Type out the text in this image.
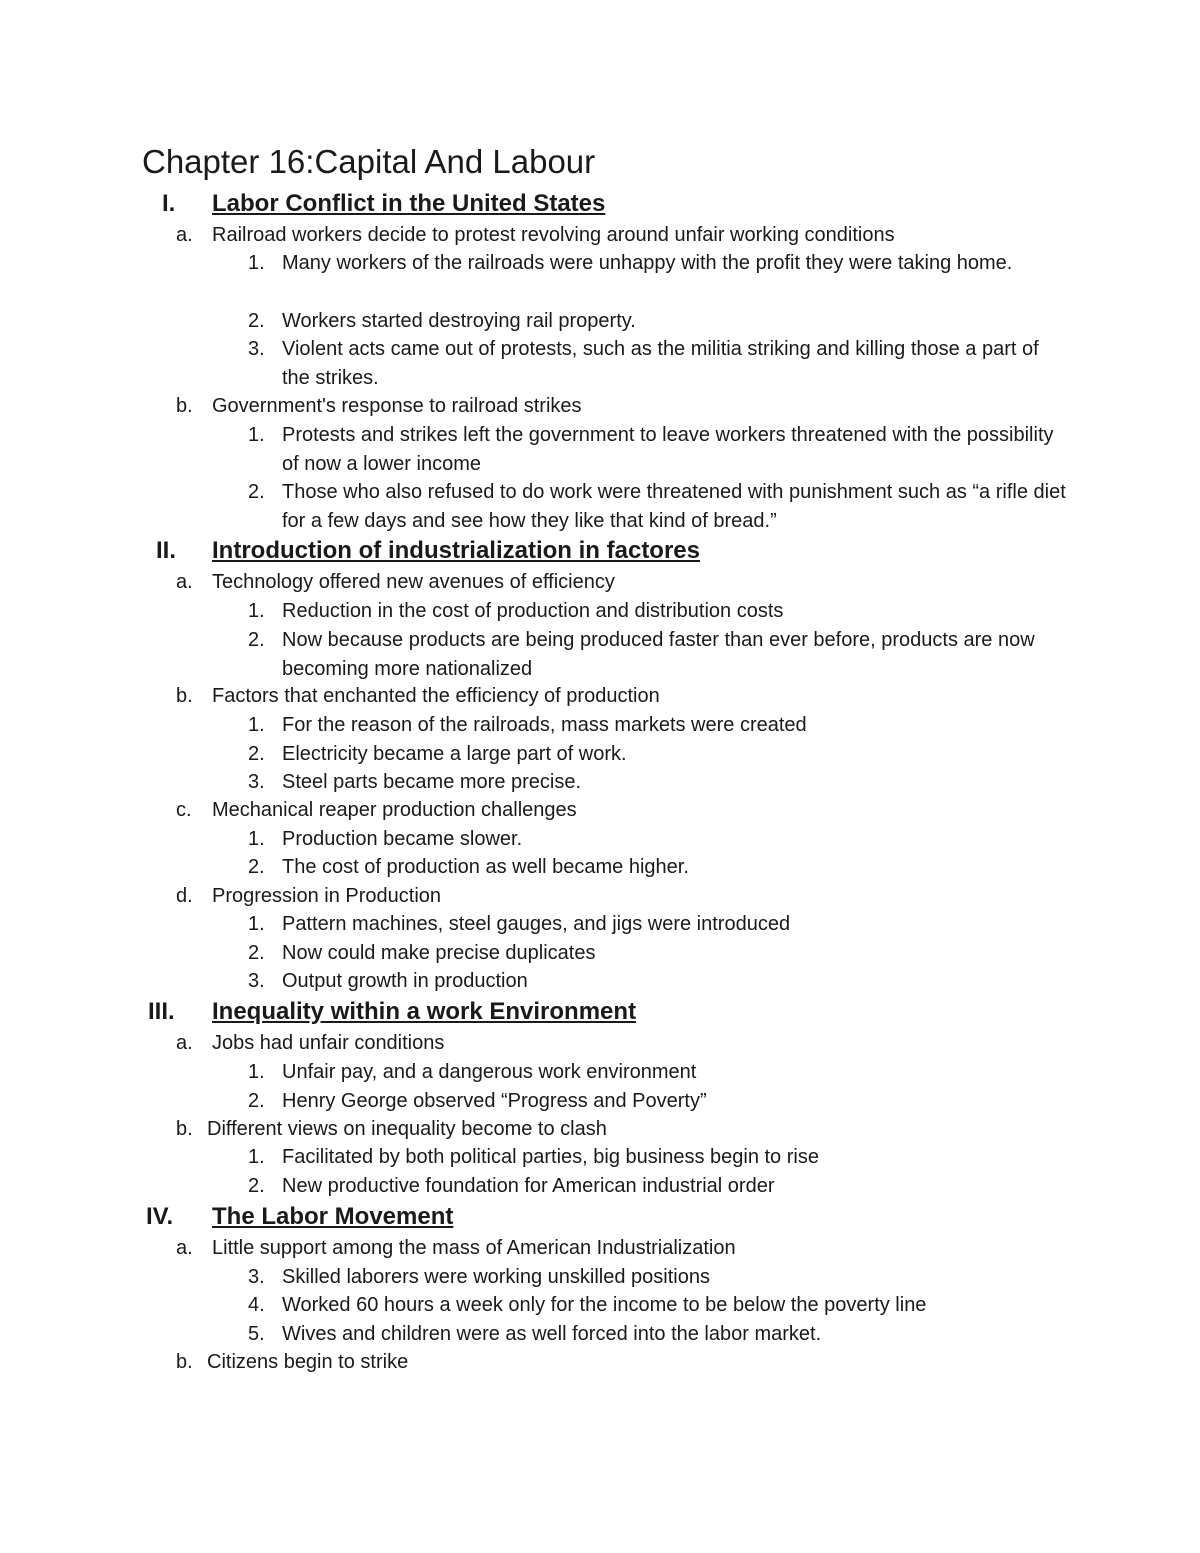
Chapter 16:Capital And Labour
I. Labor Conflict in the United States
a. Railroad workers decide to protest revolving around unfair working conditions
1. Many workers of the railroads were unhappy with the profit they were taking home.
2. Workers started destroying rail property.
3. Violent acts came out of protests, such as the militia striking and killing those a part of the strikes.
b. Government's response to railroad strikes
1. Protests and strikes left the government to leave workers threatened with the possibility of now a lower income
2. Those who also refused to do work were threatened with punishment such as “a rifle diet for a few days and see how they like that kind of bread.”
II. Introduction of industrialization in factores
a. Technology offered new avenues of efficiency
1. Reduction in the cost of production and distribution costs
2. Now because products are being produced faster than ever before, products are now becoming more nationalized
b. Factors that enchanted the efficiency of production
1. For the reason of the railroads, mass markets were created
2. Electricity became a large part of work.
3. Steel parts became more precise.
c. Mechanical reaper production challenges
1. Production became slower.
2. The cost of production as well became higher.
d. Progression in Production
1. Pattern machines, steel gauges, and jigs were introduced
2. Now could make precise duplicates
3. Output growth in production
III. Inequality within a work Environment
a. Jobs had unfair conditions
1. Unfair pay, and a dangerous work environment
2. Henry George observed “Progress and Poverty”
b. Different views on inequality become to clash
1. Facilitated by both political parties, big business begin to rise
2. New productive foundation for American industrial order
IV. The Labor Movement
a. Little support among the mass of American Industrialization
3. Skilled laborers were working unskilled positions
4. Worked 60 hours a week only for the income to be below the poverty line
5. Wives and children were as well forced into the labor market.
b. Citizens begin to strike
